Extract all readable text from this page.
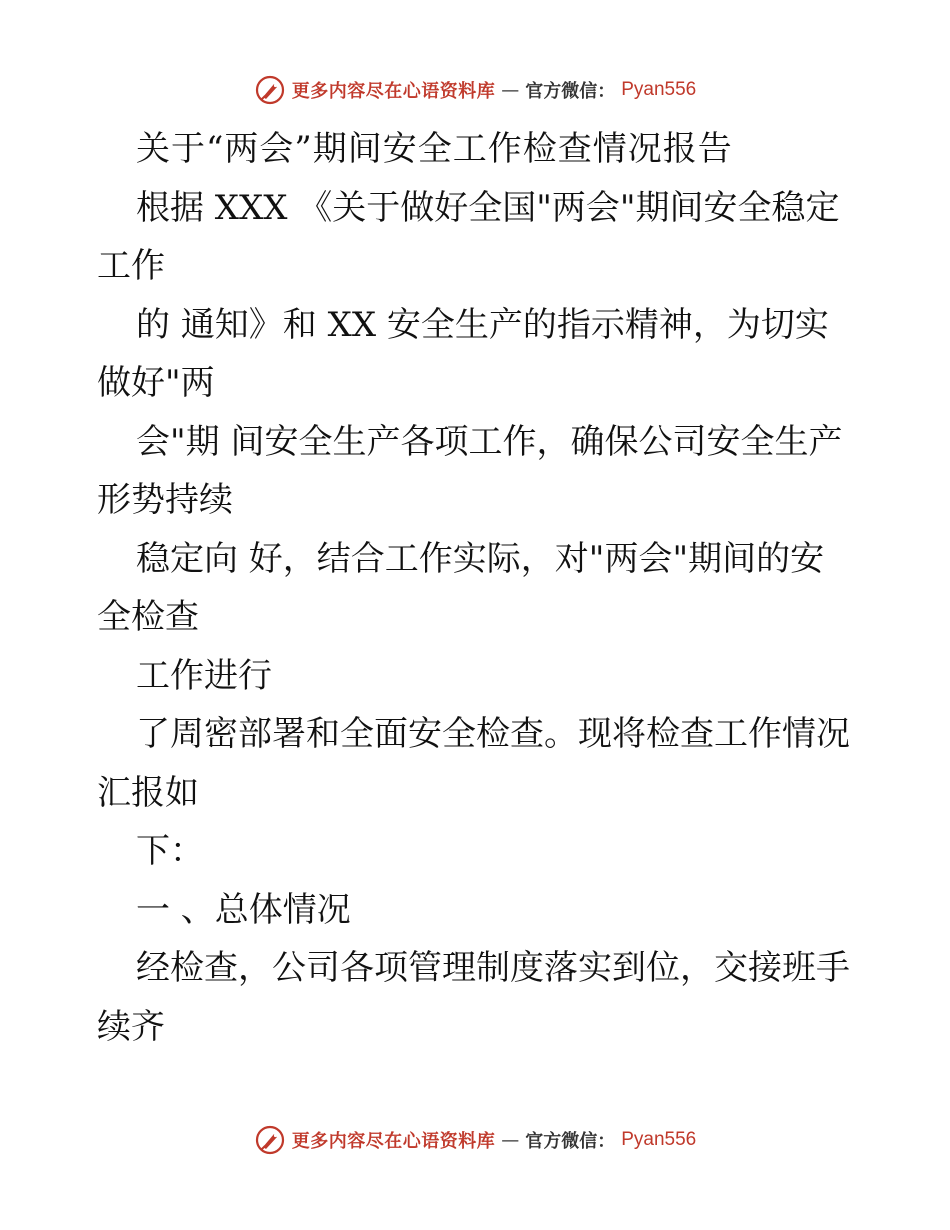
更多内容尽在心语资料库 — 官方微信： Pyan556
关于“两会”期间安全工作检查情况报告
根据 XXX 《关于做好全国"两会"期间安全稳定
工作
的 通知》和 XX 安全生产的指示精神，为切实
做好"两
会"期 间安全生产各项工作，确保公司安全生产
形势持续
稳定向 好，结合工作实际，对"两会"期间的安
全检查
工作进行
了周密部署和全面安全检查。现将检查工作情况
汇报如
下：
一 、总体情况
经检查，公司各项管理制度落实到位，交接班手
续齐
更多内容尽在心语资料库 — 官方微信： Pyan556
